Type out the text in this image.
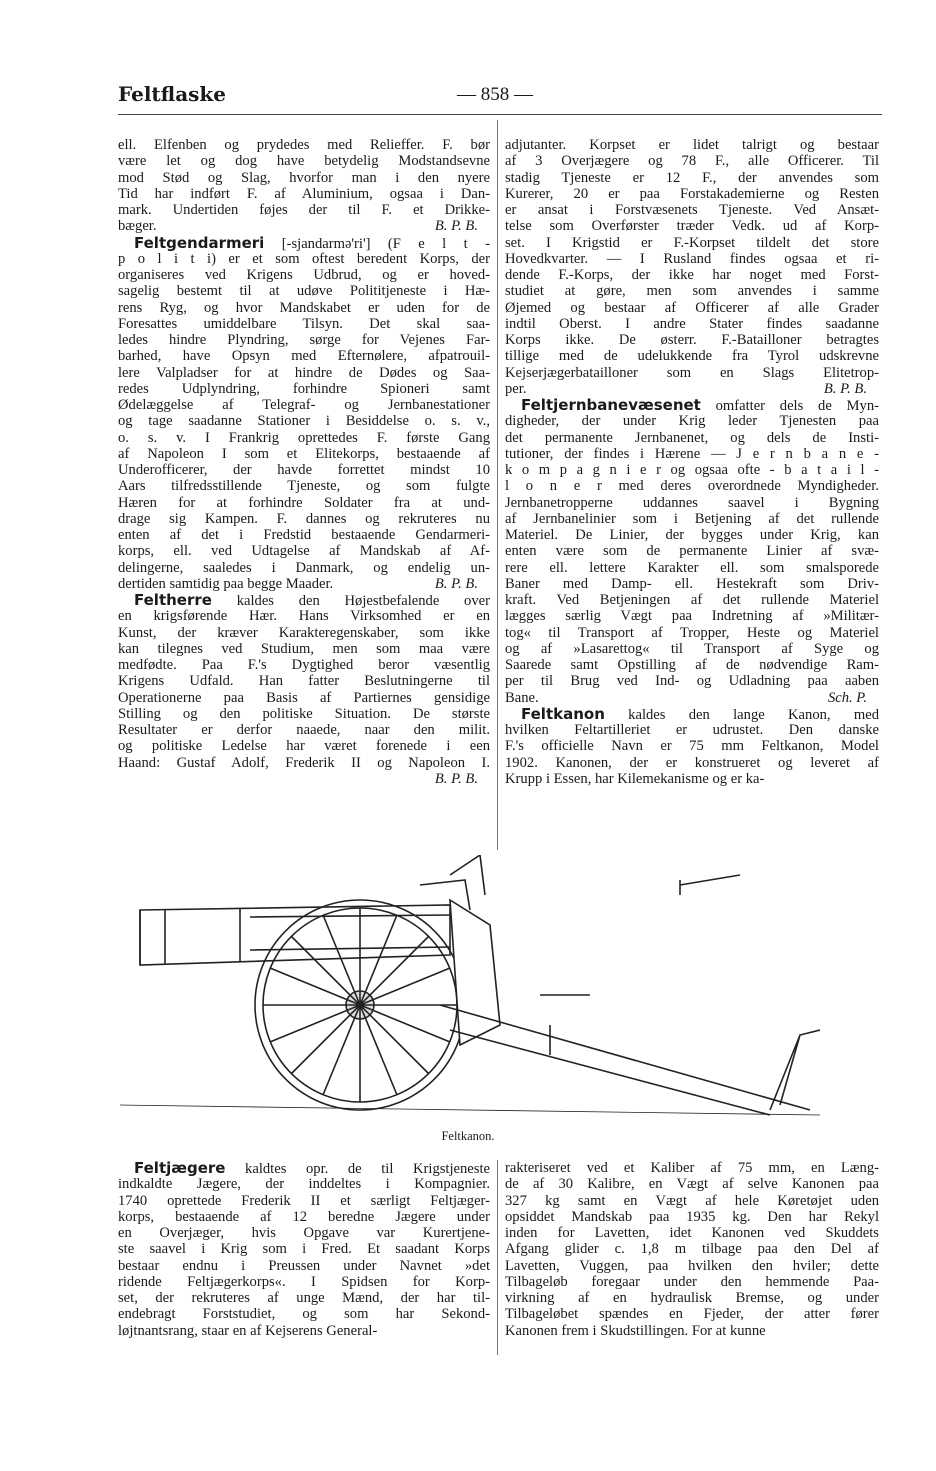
Feltflaske	— 858 —
ell. Elfenben og prydedes med Relieffer. F. bør
være let og dog have betydelig Modstandsevne
mod Stød og Slag, hvorfor man i den nyere
Tid har indført F. af Aluminium, ogsaa i Dan-
mark. Undertiden føjes der til F. et Drikke-
B. P. B.
bæger.
Feltgendarmeri [-sjandarmə'ri'] (F e l t -
p o l i t i) er et som oftest beredent Korps, der
organiseres ved Krigens Udbrud, og er hoved-
sagelig bestemt til at udøve Polititjeneste i Hæ-
rens Ryg, og hvor Mandskabet er uden for de
Foresattes umiddelbare Tilsyn. Det skal saa-
ledes hindre Plyndring, sørge for Vejenes Far-
barhed, have Opsyn med Efternølere, afpatrouil-
lere Valpladser for at hindre de Dødes og Saa-
redes Udplyndring, forhindre Spioneri samt
Ødelæggelse af Telegraf- og Jernbanestationer
og tage saadanne Stationer i Besiddelse o. s. v.,
o. s. v. I Frankrig oprettedes F. første Gang
af Napoleon I som et Elitekorps, bestaaende af
Underofficerer, der havde forrettet mindst 10
Aars tilfredsstillende Tjeneste, og som fulgte
Hæren for at forhindre Soldater fra at und-
drage sig Kampen. F. dannes og rekruteres nu
enten af det i Fredstid bestaaende Gendarmeri-
korps, ell. ved Udtagelse af Mandskab af Af-
delingerne, saaledes i Danmark, og endelig un-
B. P. B.
dertiden samtidig paa begge Maader.
Feltherre kaldes den Højestbefalende over
en krigsførende Hær. Hans Virksomhed er en
Kunst, der kræver Karakteregenskaber, som ikke
kan tilegnes ved Studium, men som maa være
medfødte. Paa F.'s Dygtighed beror væsentlig
Krigens Udfald. Han fatter Beslutningerne til
Operationerne paa Basis af Partiernes gensidige
Stilling og den politiske Situation. De største
Resultater er derfor naaede, naar den milit.
og politiske Ledelse har været forenede i een
Haand: Gustaf Adolf, Frederik II og Napoleon I.
B. P. B.
adjutanter. Korpset er lidet talrigt og bestaar
af 3 Overjægere og 78 F., alle Officerer. Til
stadig Tjeneste er 12 F., der anvendes som
Kurerer, 20 er paa Forstakademierne og Resten
er ansat i Forstvæsenets Tjeneste. Ved Ansæt-
telse som Overførster træder Vedk. ud af Korp-
set. I Krigstid er F.-Korpset tildelt det store
Hovedkvarter. — I Rusland findes ogsaa et ri-
dende F.-Korps, der ikke har noget med Forst-
studiet at gøre, men som anvendes i samme
Øjemed og bestaar af Officerer af alle Grader
indtil Oberst. I andre Stater findes saadanne
Korps ikke. De østerr. F.-Batailloner betragtes
tillige med de udelukkende fra Tyrol udskrevne
Kejserjægerbatailloner som en Slags Elitetrop-
B. P. B.
per.
Feltjernbanevæsenet omfatter dels de Myn-
digheder, der under Krig leder Tjenesten paa
det permanente Jernbanenet, og dels de Insti-
tutioner, der findes i Hærene — J e r n b a n e -
k o m p a g n i e r og ogsaa ofte - b a t a i l -
l o n e r med deres overordnede Myndigheder.
Jernbanetropperne uddannes saavel i Bygning
af Jernbanelinier som i Betjening af det rullende
Materiel. De Linier, der bygges under Krig, kan
enten være som de permanente Linier af svæ-
rere ell. lettere Karakter ell. som smalsporede
Baner med Damp- ell. Hestekraft som Driv-
kraft. Ved Betjeningen af det rullende Materiel
lægges særlig Vægt paa Indretning af »Militær-
tog« til Transport af Tropper, Heste og Materiel
og af »Lasarettog« til Transport af Syge og
Saarede samt Opstilling af de nødvendige Ram-
per til Brug ved Ind- og Udladning paa aaben
Sch. P.
Bane.
Feltkanon kaldes den lange Kanon, med
hvilken Feltartilleriet er udrustet. Den danske
F.'s officielle Navn er 75 mm Feltkanon, Model
1902. Kanonen, der er konstrueret og leveret af
Krupp i Essen, har Kilemekanisme og er ka-
Feltkanon.
Feltjægere kaldtes opr. de til Krigstjeneste
indkaldte Jægere, der inddeltes i Kompagnier.
1740 oprettede Frederik II et særligt Feltjæger-
korps, bestaaende af 12 beredne Jægere under
en Overjæger, hvis Opgave var Kurertjene-
ste saavel i Krig som i Fred. Et saadant Korps
bestaar endnu i Preussen under Navnet »det
ridende Feltjægerkorps«. I Spidsen for Korp-
set, der rekruteres af unge Mænd, der har til-
endebragt Forststudiet, og som har Sekond-
løjtnantsrang, staar en af Kejserens General-
rakteriseret ved et Kaliber af 75 mm, en Læng-
de af 30 Kalibre, en Vægt af selve Kanonen paa
327 kg samt en Vægt af hele Køretøjet uden
opsiddet Mandskab paa 1935 kg. Den har Rekyl
inden for Lavetten, idet Kanonen ved Skuddets
Afgang glider c. 1,8 m tilbage paa den Del af
Lavetten, Vuggen, paa hvilken den hviler; dette
Tilbageløb foregaar under den hemmende Paa-
virkning af en hydraulisk Bremse, og under
Tilbageløbet spændes en Fjeder, der atter fører
Kanonen frem i Skudstillingen. For at kunne
